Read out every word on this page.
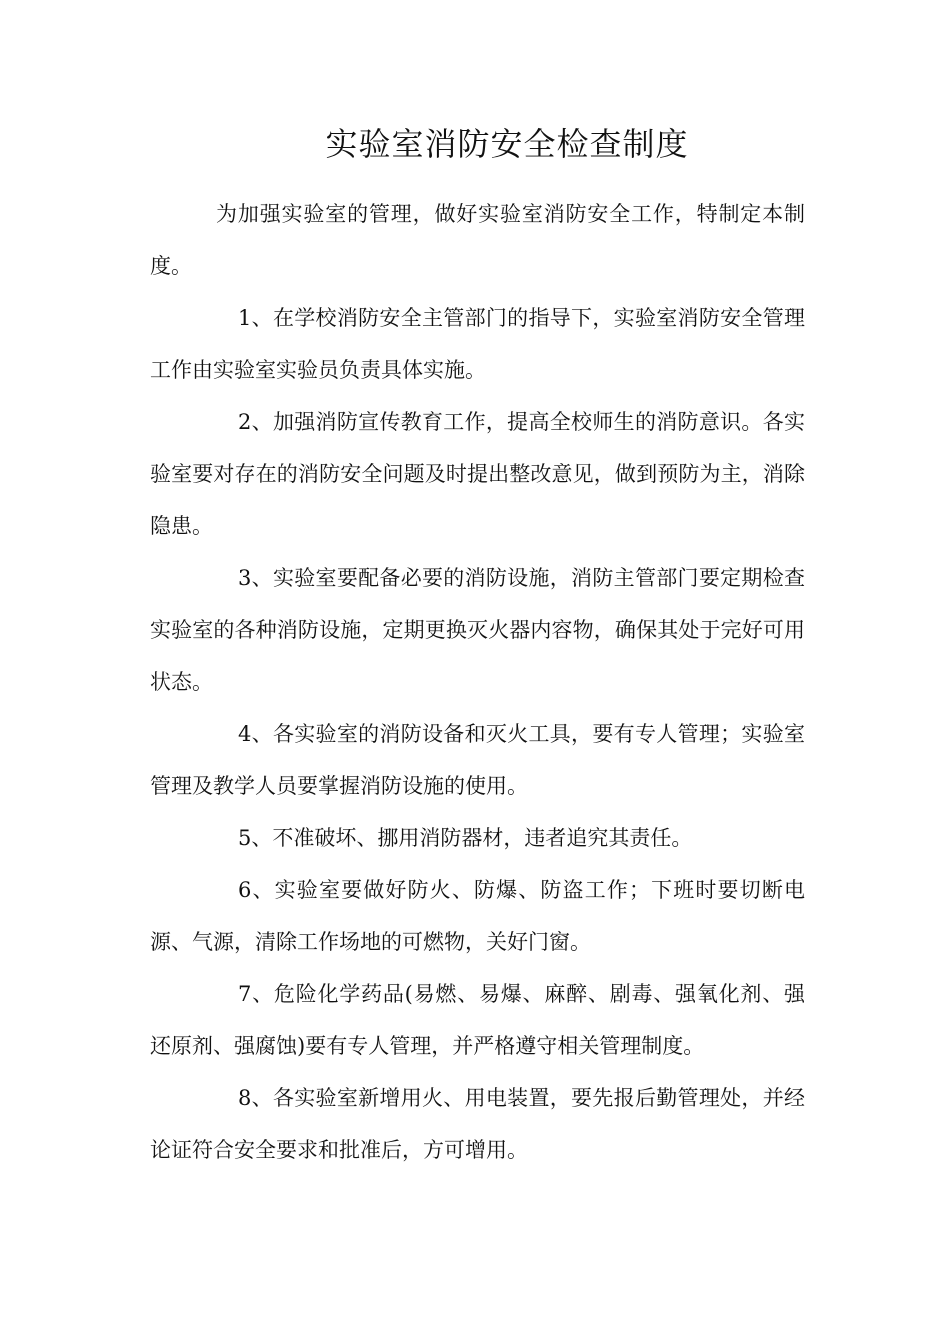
实验室消防安全检查制度

为加强实验室的管理，做好实验室消防安全工作，特制定本制度。

1、在学校消防安全主管部门的指导下，实验室消防安全管理工作由实验室实验员负责具体实施。

2、加强消防宣传教育工作，提高全校师生的消防意识。各实验室要对存在的消防安全问题及时提出整改意见，做到预防为主，消除隐患。

3、实验室要配备必要的消防设施，消防主管部门要定期检查实验室的各种消防设施，定期更换灭火器内容物，确保其处于完好可用状态。

4、各实验室的消防设备和灭火工具，要有专人管理；实验室管理及教学人员要掌握消防设施的使用。

5、不准破坏、挪用消防器材，违者追究其责任。

6、实验室要做好防火、防爆、防盗工作；下班时要切断电源、气源，清除工作场地的可燃物，关好门窗。

7、危险化学药品(易燃、易爆、麻醉、剧毒、强氧化剂、强还原剂、强腐蚀)要有专人管理，并严格遵守相关管理制度。

8、各实验室新增用火、用电装置，要先报后勤管理处，并经论证符合安全要求和批准后，方可增用。
